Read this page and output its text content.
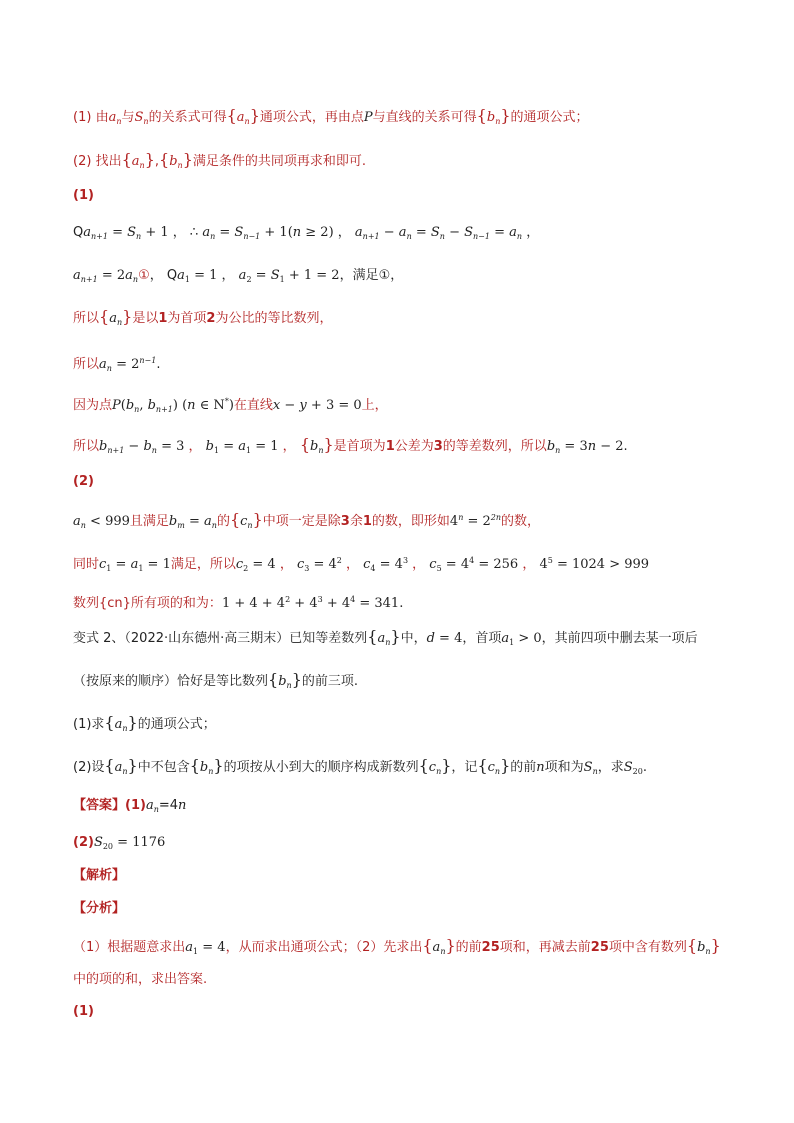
(1) 由$a_n$与$S_n$的关系式可得$\{a_n\}$通项公式，再由点P与直线的关系可得$\{b_n\}$的通项公式；
(2) 找出$\{a_n\},\{b_n\}$满足条件的共同项再求和即可.
(1)
$Qa_{n+1} = S_n + 1$ ， ∴ $a_n = S_{n-1} + 1(n \ge 2)$ ， $a_{n+1} - a_n = S_n - S_{n-1} = a_n$ ，
$a_{n+1}$ = $2a_n①$， $Qa_1 = 1$ ， $a_2 = S_1 + 1 = 2$，满足①，
所以$\{a_n\}$是以1为首项2为公比的等比数列，
所以$a_n = 2^{n-1}$.
因为点$P(b_n$, $b_{n+1}$) (n ∈ N*)在直线x − y + 3 = 0上，
所以$b_{n+1} - b_n = 3$ ， $b_1 = a_1 = 1$ ， $\{b_n\}$是首项为1公差为3的等差数列，所以$b_n = 3n - 2$.
(2)
$a_n < 999$且满足$b_m = a_n$的$\{c_n\}$中项一定是除3余1的数，即形如$4^n = 2^{2n}$的数，
同时$c_1 = a_1 = 1$满足，所以$c_2 = 4$ ， $c_3 = 4^2$ ， $c_4 = 4^3$ ， $c_5 = 4^4 = 256$ ， $4^5 = 1024 > 999$
数列{cn}所有项的和为：$1 + 4 + 4^2 + 4^3 + 4^4 = 341$.
变式 2、（2022·山东德州·高三期末）已知等差数列$\{a_n\}$中，d = 4，首项$a_1 > 0$，其前四项中删去某一项后
（按原来的顺序）恰好是等比数列$\{b_n\}$的前三项.
(1)求$\{a_n\}$的通项公式；
(2)设$\{a_n\}$中不包含$\{b_n\}$的项按从小到大的顺序构成新数列$\{c_n\}$，记$\{c_n\}$的前n项和为$S_n$，求$S_{20}$.
【答案】$(1)a_n=4n$
$(2)S_{20} = 1176$
【解析】
【分析】
（1）根据题意求出$a_1 = 4$，从而求出通项公式；（2）先求出$\{a_n\}$的前25项和，再减去前25项中含有数列$\{b_n\}$
中的项的和，求出答案.
(1)
